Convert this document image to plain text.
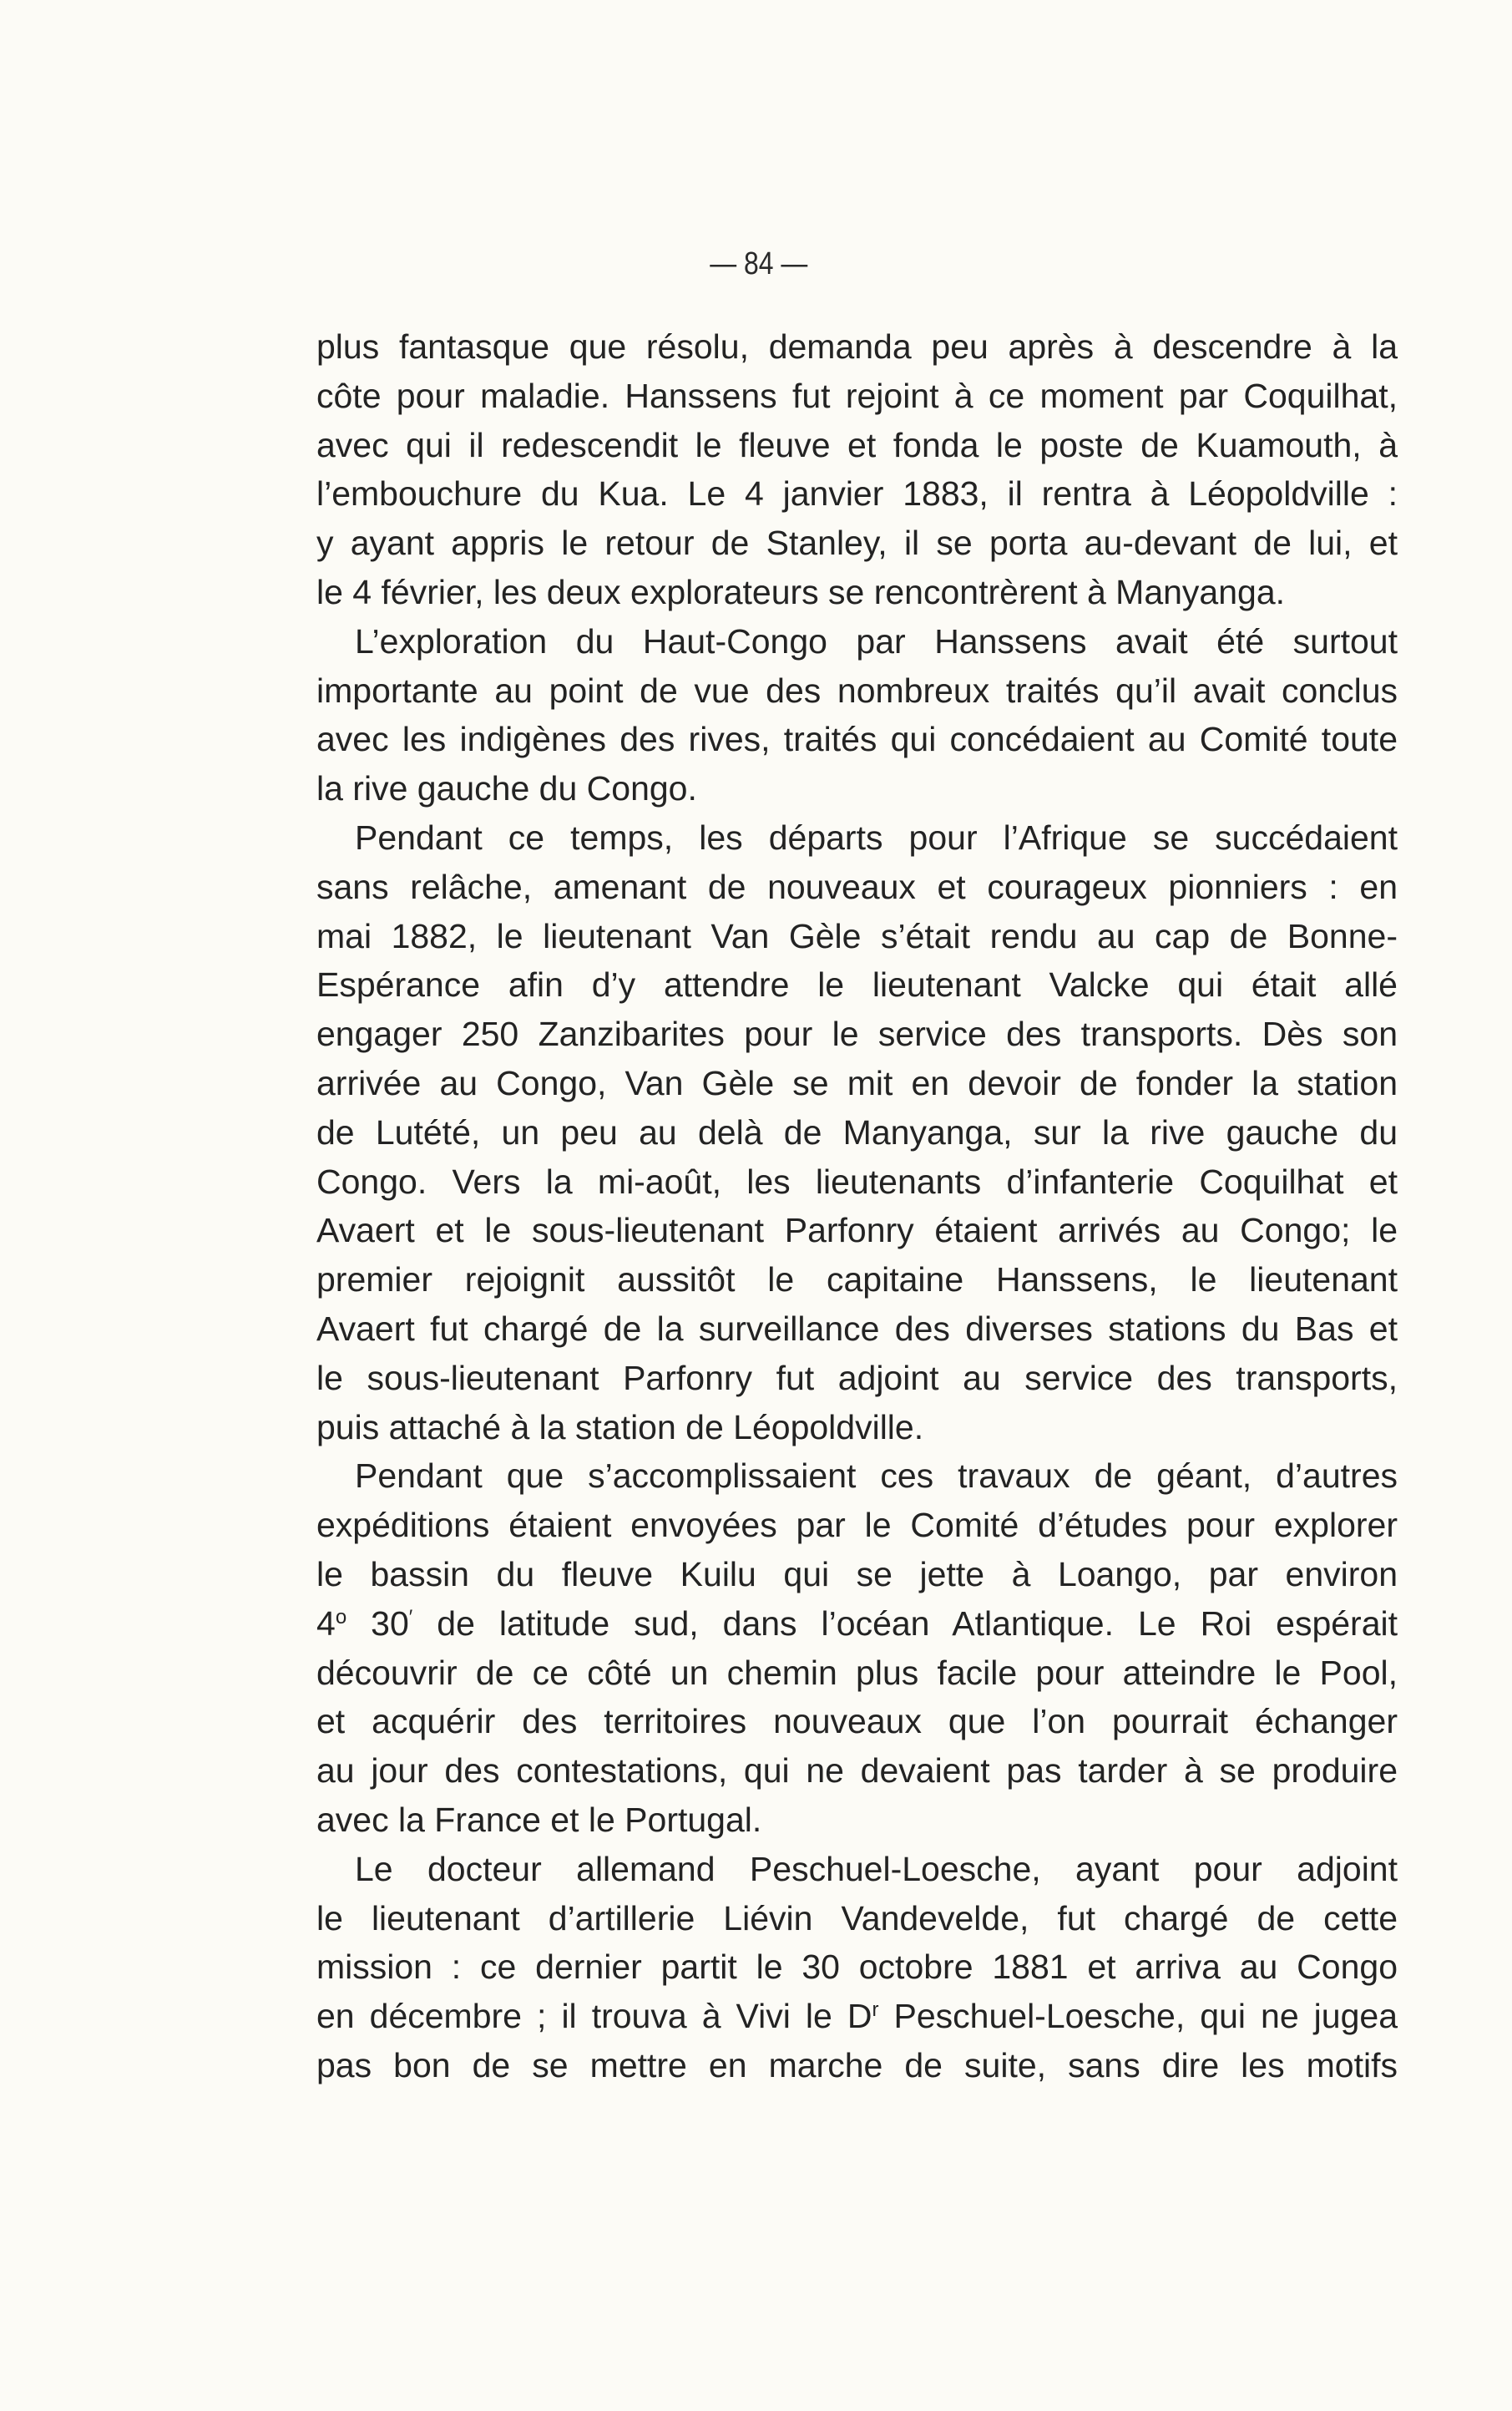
— 84 —

plus fantasque que résolu, demanda peu après à descendre à la
côte pour maladie. Hanssens fut rejoint à ce moment par Coquilhat,
avec qui il redescendit le fleuve et fonda le poste de Kuamouth, à
l’embouchure du Kua. Le 4 janvier 1883, il rentra à Léopoldville :
y ayant appris le retour de Stanley, il se porta au-devant de lui, et
le 4 février, les deux explorateurs se rencontrèrent à Manyanga.

L’exploration du Haut-Congo par Hanssens avait été surtout
importante au point de vue des nombreux traités qu’il avait conclus
avec les indigènes des rives, traités qui concédaient au Comité toute
la rive gauche du Congo.

Pendant ce temps, les départs pour l’Afrique se succédaient
sans relâche, amenant de nouveaux et courageux pionniers : en
mai 1882, le lieutenant Van Gèle s’était rendu au cap de Bonne-
Espérance afin d’y attendre le lieutenant Valcke qui était allé
engager 250 Zanzibarites pour le service des transports. Dès son
arrivée au Congo, Van Gèle se mit en devoir de fonder la station
de Lutété, un peu au delà de Manyanga, sur la rive gauche du
Congo. Vers la mi-août, les lieutenants d’infanterie Coquilhat et
Avaert et le sous-lieutenant Parfonry étaient arrivés au Congo; le
premier rejoignit aussitôt le capitaine Hanssens, le lieutenant
Avaert fut chargé de la surveillance des diverses stations du Bas et
le sous-lieutenant Parfonry fut adjoint au service des transports,
puis attaché à la station de Léopoldville.

Pendant que s’accomplissaient ces travaux de géant, d’autres
expéditions étaient envoyées par le Comité d’études pour explorer
le bassin du fleuve Kuilu qui se jette à Loango, par environ
4$^o$ 30′ de latitude sud, dans l’océan Atlantique. Le Roi espérait
découvrir de ce côté un chemin plus facile pour atteindre le Pool,
et acquérir des territoires nouveaux que l’on pourrait échanger
au jour des contestations, qui ne devaient pas tarder à se produire
avec la France et le Portugal.

Le docteur allemand Peschuel-Loesche, ayant pour adjoint
le lieutenant d’artillerie Liévin Vandevelde, fut chargé de cette
mission : ce dernier partit le 30 octobre 1881 et arriva au Congo
en décembre ; il trouva à Vivi le $D^r$ Peschuel-Loesche, qui ne jugea
pas bon de se mettre en marche de suite, sans dire les motifs
